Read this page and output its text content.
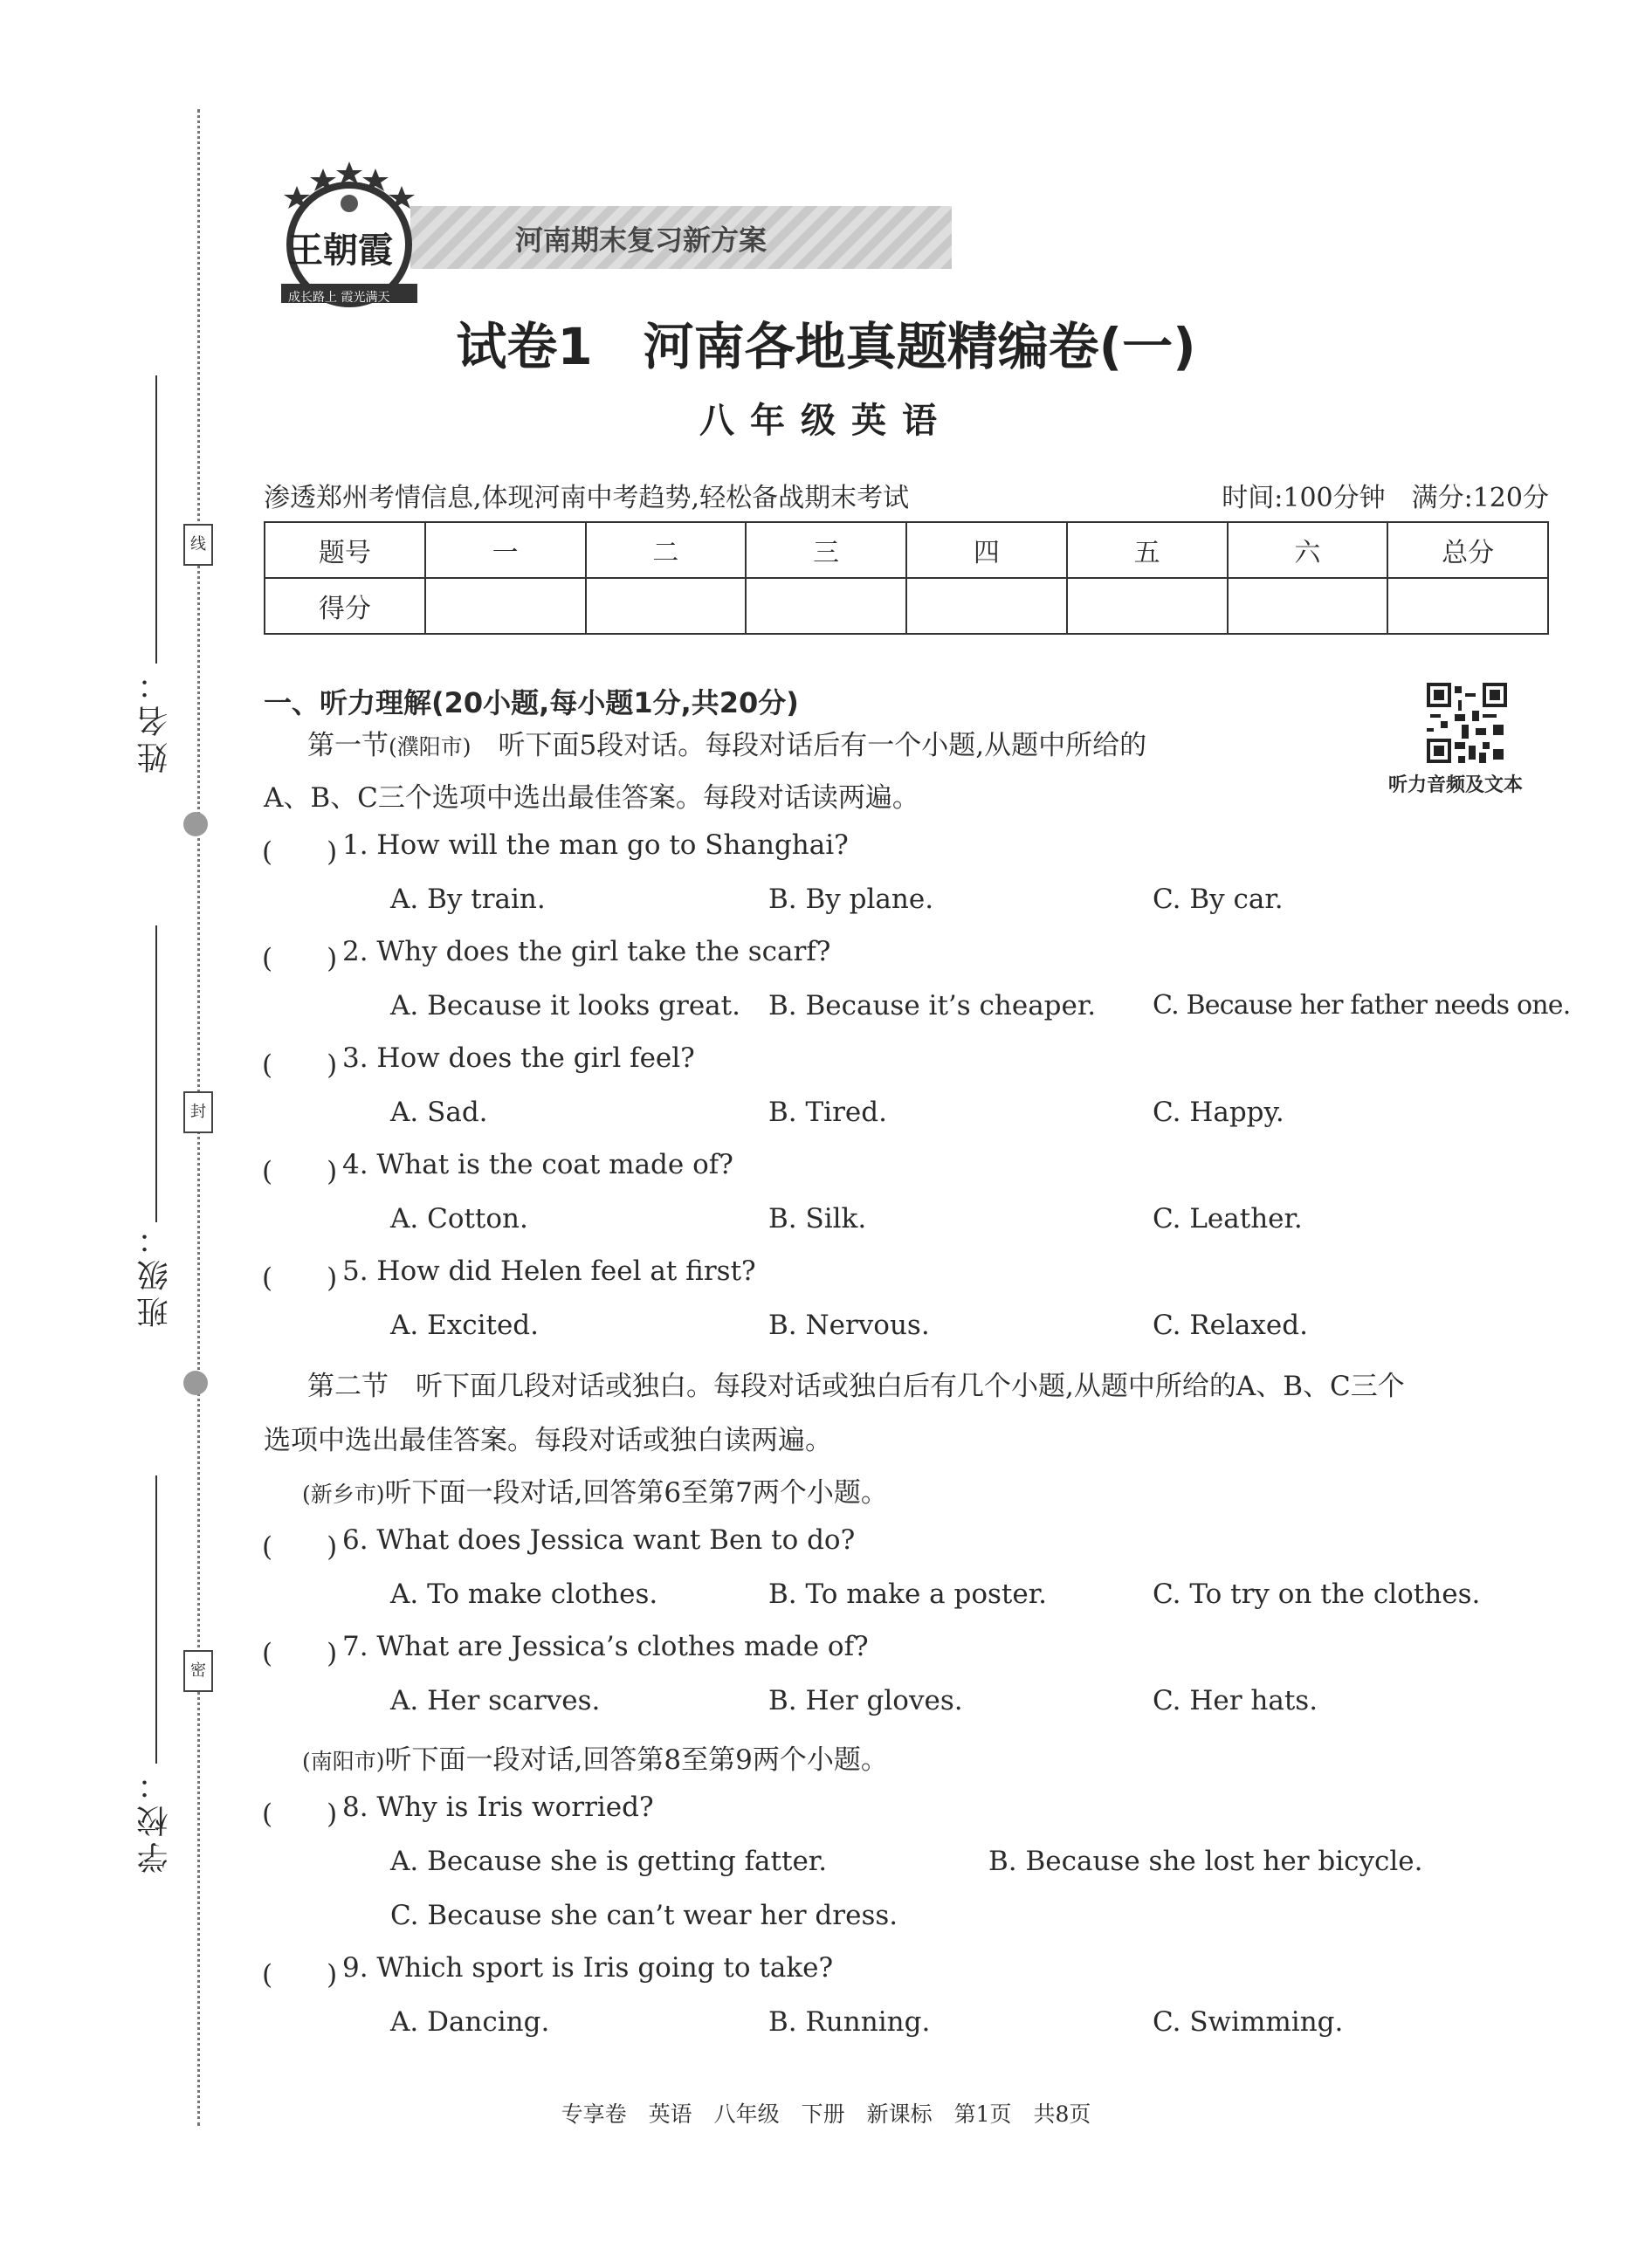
姓名：
班级：
学校：
线
封
密
河南期末复习新方案
王朝霞
成长路上 霞光满天
试卷1　河南各地真题精编卷(一)
八年级英语
渗透郑州考情信息,体现河南中考趋势,轻松备战期末考试	时间:100分钟　满分:120分
题号	一	二	三	四	五	六	总分
得分							
一、听力理解(20小题,每小题1分,共20分)
听力音频及文本
第一节(濮阳市)　 听下面5段对话。每段对话后有一个小题,从题中所给的
A、B、C三个选项中选出最佳答案。每段对话读两遍。
(　　) 1. How will the man go to Shanghai?
A. By train.	B. By plane.	C. By car.
(　　) 2. Why does the girl take the scarf?
A. Because it looks great. B. Because it’s cheaper. C. Because her father needs one.
(　　) 3. How does the girl feel?
A. Sad.	B. Tired.	C. Happy.
(　　) 4. What is the coat made of?
A. Cotton.	B. Silk.	C. Leather.
(　　) 5. How did Helen feel at first?
A. Excited.	B. Nervous.	C. Relaxed.
第二节　听下面几段对话或独白。每段对话或独白后有几个小题,从题中所给的A、B、C三个
选项中选出最佳答案。每段对话或独白读两遍。
(新乡市)听下面一段对话,回答第6至第7两个小题。
(　　) 6. What does Jessica want Ben to do?
A. To make clothes.	B. To make a poster.	C. To try on the clothes.
(　　) 7. What are Jessica’s clothes made of?
A. Her scarves.	B. Her gloves.	C. Her hats.
(南阳市)听下面一段对话,回答第8至第9两个小题。
(　　) 8. Why is Iris worried?
A. Because she is getting fatter.	B. Because she lost her bicycle.
C. Because she can’t wear her dress.
(　　) 9. Which sport is Iris going to take?
A. Dancing.	B. Running.	C. Swimming.
专享卷　英语　八年级　下册　新课标　第1页　共8页
